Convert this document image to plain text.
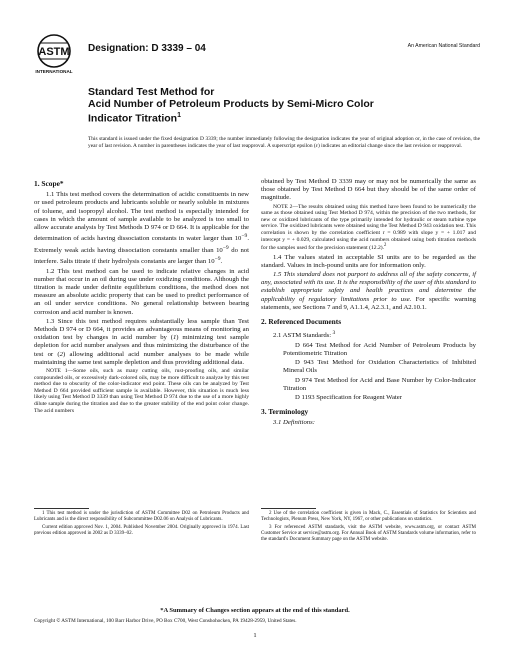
ASTM
INTERNATIONAL
Designation: D 3339 – 04	An American National Standard
Standard Test Method for
Acid Number of Petroleum Products by Semi-Micro Color
Indicator Titration$^1$
This standard is issued under the fixed designation D 3339; the number immediately following the designation indicates the year of original adoption or, in the case of revision, the year of last revision. A number in parentheses indicates the year of last reapproval. A superscript epsilon (ε) indicates an editorial change since the last revision or reapproval.
1. Scope*

1.1 This test method covers the determination of acidic constituents in new or used petroleum products and lubricants soluble or nearly soluble in mixtures of toluene, and isopropyl alcohol. The test method is especially intended for cases in which the amount of sample available to be analyzed is too small to allow accurate analysis by Test Methods D 974 or D 664. It is applicable for the determination of acids having dissociation constants in water larger than $10^{-9}$. Extremely weak acids having dissociation constants smaller than $10^{-9}$ do not interfere. Salts titrate if their hydrolysis constants are larger than $10^{-9}$.

1.2 This test method can be used to indicate relative changes in acid number that occur in an oil during use under oxidizing conditions. Although the titration is made under definite equilibrium conditions, the method does not measure an absolute acidic property that can be used to predict performance of an oil under service conditions. No general relationship between bearing corrosion and acid number is known.

1.3 Since this test method requires substantially less sample than Test Methods D 974 or D 664, it provides an advantageous means of monitoring an oxidation test by changes in acid number by (1) minimizing test sample depletion for acid number analyses and thus minimizing the disturbance of the test or (2) allowing additional acid number analyses to be made while maintaining the same test sample depletion and thus providing additional data.

NOTE 1—Some oils, such as many cutting oils, rust-proofing oils, and similar compounded oils, or excessively dark-colored oils, may be more difficult to analyze by this test method due to obscurity of the color-indicator end point. These oils can be analyzed by Test Method D 664 provided sufficient sample is available. However, this situation is much less likely using Test Method D 3339 than using Test Method D 974 due to the use of a more highly dilute sample during the titration and due to the greater stability of the end point color change. The acid numbers

obtained by Test Method D 3339 may or may not be numerically the same as those obtained by Test Method D 664 but they should be of the same order of magnitude.

NOTE 2—The results obtained using this method have been found to be numerically the same as those obtained using Test Method D 974, within the precision of the two methods, for new or oxidized lubricants of the type primarily intended for hydraulic or steam turbine type service. The oxidized lubricants were obtained using the Test Method D 943 oxidation test. This correlation is shown by the correlation coefficient r = 0.989 with slope y = + 1.017 and intercept y = + 0.029, calculated using the acid numbers obtained using both titration methods for the samples used for the precision statement (12.2).$^2$

1.4 The values stated in acceptable SI units are to be regarded as the standard. Values in inch-pound units are for information only.

1.5 This standard does not purport to address all of the safety concerns, if any, associated with its use. It is the responsibility of the user of this standard to establish appropriate safety and health practices and determine the applicability of regulatory limitations prior to use. For specific warning statements, see Sections 7 and 9, A1.1.4, A2.3.1, and A2.10.1.

2. Referenced Documents

2.1 ASTM Standards: $^3$

D 664 Test Method for Acid Number of Petroleum Products by Potentiometric Titration

D 943 Test Method for Oxidation Characteristics of Inhibited Mineral Oils

D 974 Test Method for Acid and Base Number by Color-Indicator Titration

D 1193 Specification for Reagent Water

3. Terminology

3.1 Definitions:

1 This test method is under the jurisdiction of ASTM Committee D02 on Petroleum Products and Lubricants and is the direct responsibility of Subcommittee D02.06 on Analysis of Lubricants.

Current edition approved Nov. 1, 2004. Published November 2004. Originally approved in 1974. Last previous edition approved in 2002 as D 3339–02.

2 Use of the correlation coefficient is given in Mack, C., Essentials of Statistics for Scientists and Technologists, Plenum Press, New York, NY, 1967, or other publications on statistics.

3 For referenced ASTM standards, visit the ASTM website, www.astm.org, or contact ASTM Customer Service at service@astm.org. For Annual Book of ASTM Standards volume information, refer to the standard's Document Summary page on the ASTM website.

*A Summary of Changes section appears at the end of this standard.
Copyright © ASTM International, 100 Barr Harbor Drive, PO Box C700, West Conshohocken, PA 19428-2959, United States.
1
